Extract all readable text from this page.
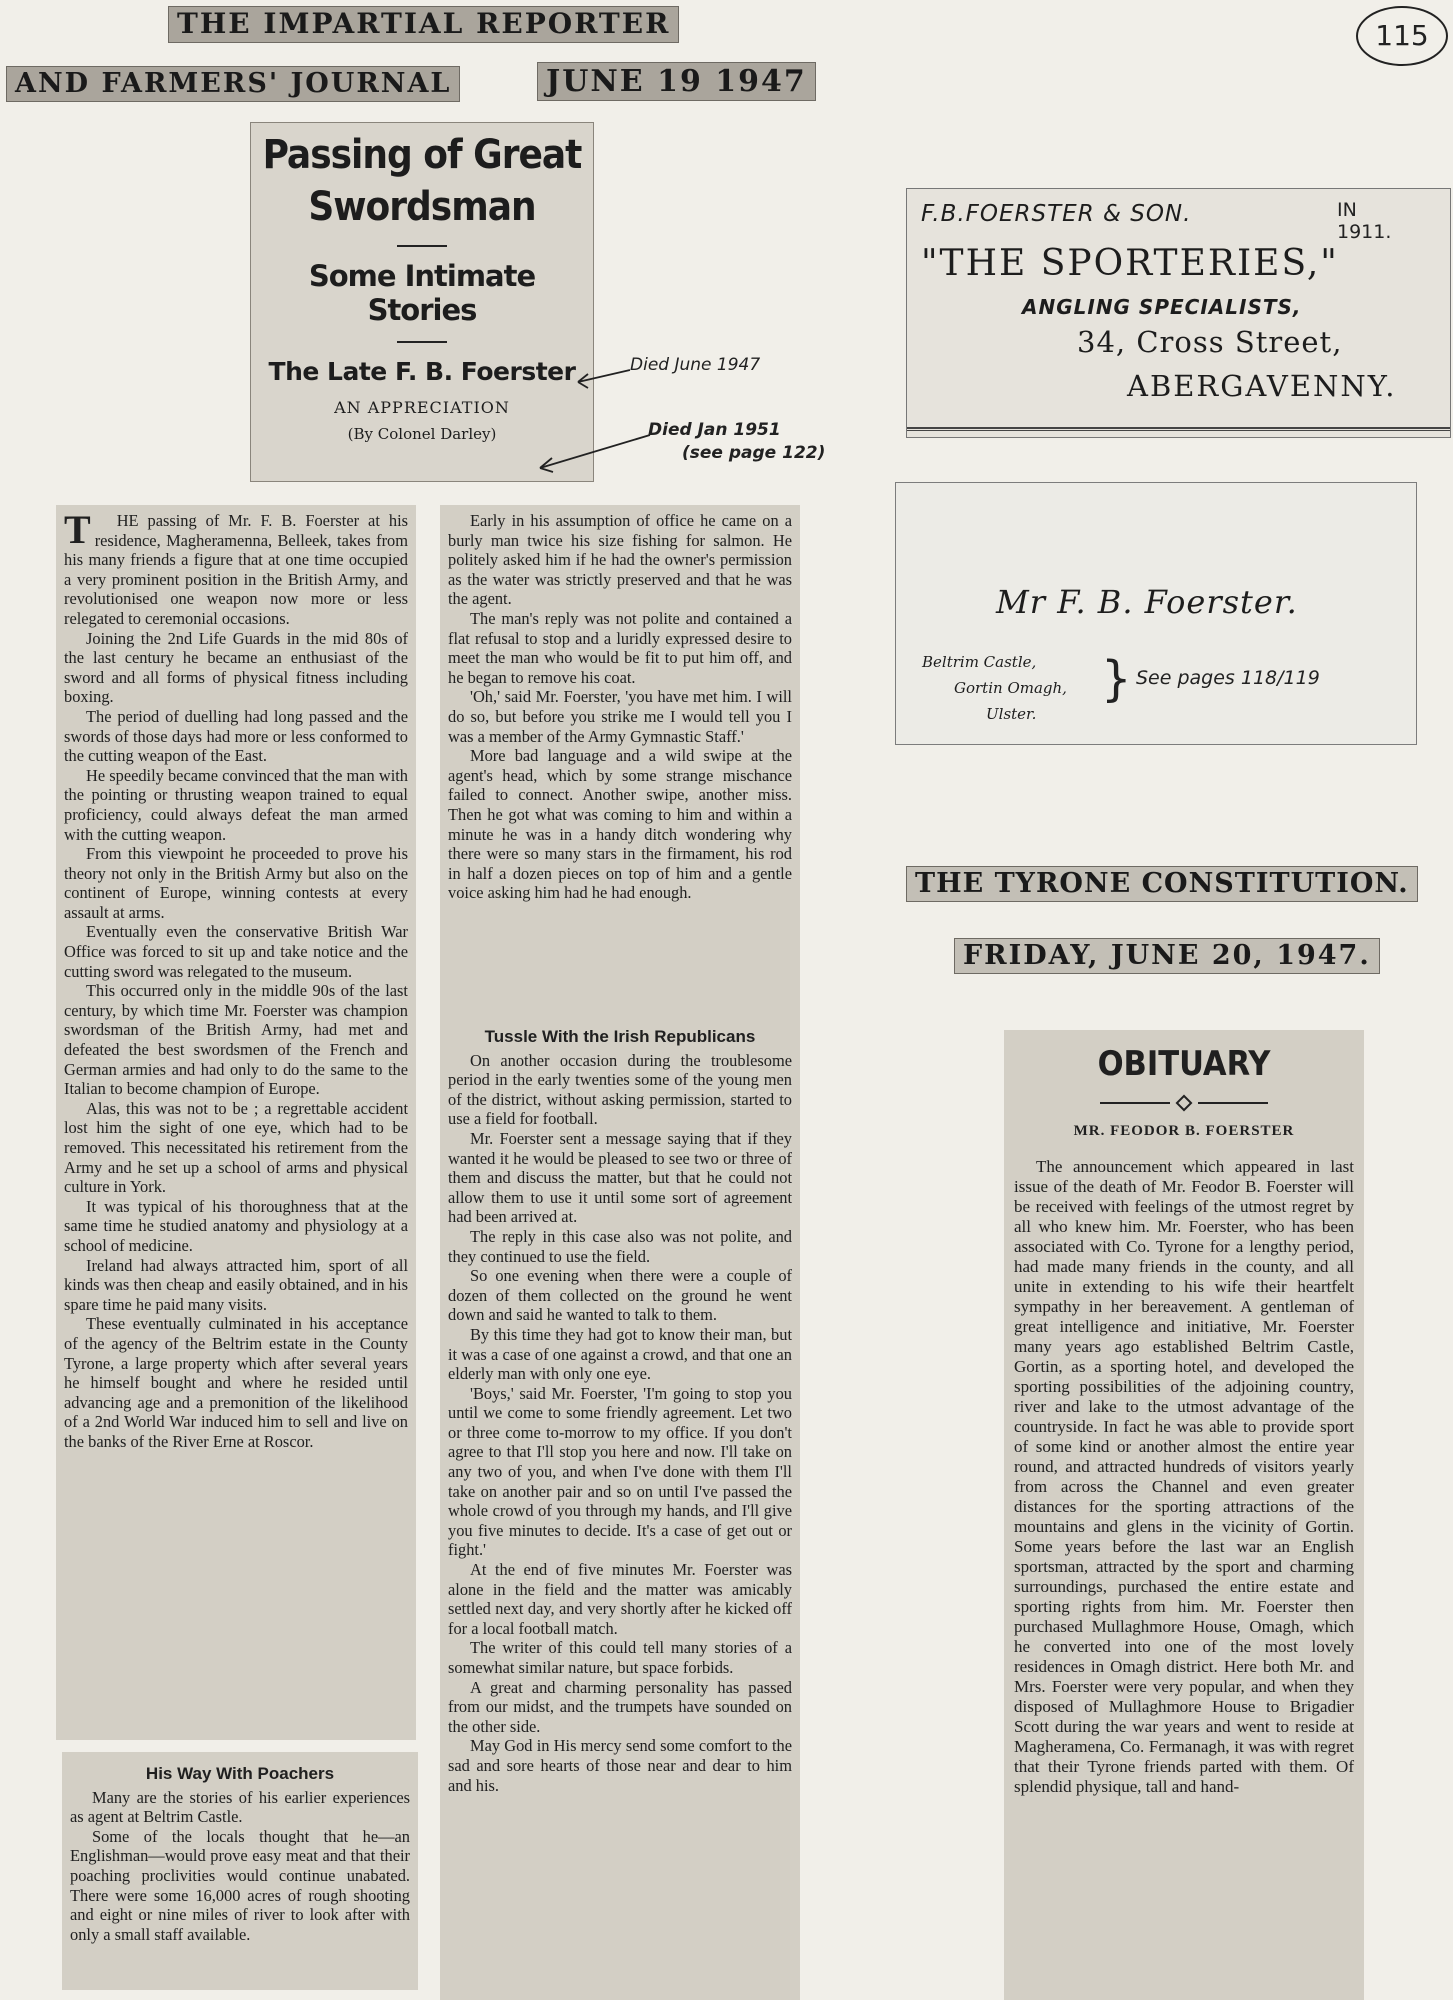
THE IMPARTIAL REPORTER
AND FARMERS' JOURNAL	JUNE 19 1947
115
Passing of Great Swordsman
Some Intimate Stories
The Late F. B. Foerster
AN APPRECIATION
(By Colonel Darley)
Died June 1947
Died Jan 1951
(see page 122)

THE passing of Mr. F. B. Foerster at his residence, Magheramenna, Belleek, takes from his many friends a figure that at one time occupied a very prominent position in the British Army, and revolutionised one weapon now more or less relegated to ceremonial occasions.

Joining the 2nd Life Guards in the mid 80s of the last century he became an enthusiast of the sword and all forms of physical fitness including boxing.

The period of duelling had long passed and the swords of those days had more or less conformed to the cutting weapon of the East.

He speedily became convinced that the man with the pointing or thrusting weapon trained to equal proficiency, could always defeat the man armed with the cutting weapon.

From this viewpoint he proceeded to prove his theory not only in the British Army but also on the continent of Europe, winning contests at every assault at arms.

Eventually even the conservative British War Office was forced to sit up and take notice and the cutting sword was relegated to the museum.

This occurred only in the middle 90s of the last century, by which time Mr. Foerster was champion swordsman of the British Army, had met and defeated the best swordsmen of the French and German armies and had only to do the same to the Italian to become champion of Europe.

Alas, this was not to be ; a regrettable accident lost him the sight of one eye, which had to be removed. This necessitated his retirement from the Army and he set up a school of arms and physical culture in York.

It was typical of his thoroughness that at the same time he studied anatomy and physiology at a school of medicine.

Ireland had always attracted him, sport of all kinds was then cheap and easily obtained, and in his spare time he paid many visits.

These eventually culminated in his acceptance of the agency of the Beltrim estate in the County Tyrone, a large property which after several years he himself bought and where he resided until advancing age and a premonition of the likelihood of a 2nd World War induced him to sell and live on the banks of the River Erne at Roscor.

His Way With Poachers

Many are the stories of his earlier experiences as agent at Beltrim Castle.

Some of the locals thought that he—an Englishman—would prove easy meat and that their poaching proclivities would continue unabated. There were some 16,000 acres of rough shooting and eight or nine miles of river to look after with only a small staff available.

Early in his assumption of office he came on a burly man twice his size fishing for salmon. He politely asked him if he had the owner's permission as the water was strictly preserved and that he was the agent.

The man's reply was not polite and contained a flat refusal to stop and a luridly expressed desire to meet the man who would be fit to put him off, and he began to remove his coat.

'Oh,' said Mr. Foerster, 'you have met him. I will do so, but before you strike me I would tell you I was a member of the Army Gymnastic Staff.'

More bad language and a wild swipe at the agent's head, which by some strange mischance failed to connect. Another swipe, another miss. Then he got what was coming to him and within a minute he was in a handy ditch wondering why there were so many stars in the firmament, his rod in half a dozen pieces on top of him and a gentle voice asking him had he had enough.

Tussle With the Irish Republicans

On another occasion during the troublesome period in the early twenties some of the young men of the district, without asking permission, started to use a field for football.

Mr. Foerster sent a message saying that if they wanted it he would be pleased to see two or three of them and discuss the matter, but that he could not allow them to use it until some sort of agreement had been arrived at.

The reply in this case also was not polite, and they continued to use the field.

So one evening when there were a couple of dozen of them collected on the ground he went down and said he wanted to talk to them.

By this time they had got to know their man, but it was a case of one against a crowd, and that one an elderly man with only one eye.

'Boys,' said Mr. Foerster, 'I'm going to stop you until we come to some friendly agreement. Let two or three come to-morrow to my office. If you don't agree to that I'll stop you here and now. I'll take on any two of you, and when I've done with them I'll take on another pair and so on until I've passed the whole crowd of you through my hands, and I'll give you five minutes to decide. It's a case of get out or fight.'

At the end of five minutes Mr. Foerster was alone in the field and the matter was amicably settled next day, and very shortly after he kicked off for a local football match.

The writer of this could tell many stories of a somewhat similar nature, but space forbids.

A great and charming personality has passed from our midst, and the trumpets have sounded on the other side.

May God in His mercy send some comfort to the sad and sore hearts of those near and dear to him and his.

F.B.FOERSTER & SON.	IN 1911.
"THE SPORTERIES,"
ANGLING SPECIALISTS,
34, Cross Street,
ABERGAVENNY.
Mr F. B. Foerster.
Beltrim Castle,
Gortin Omagh,
Ulster.
} See pages 118/119
THE TYRONE CONSTITUTION.
FRIDAY, JUNE 20, 1947.
OBITUARY

MR. FEODOR B. FOERSTER

The announcement which appeared in last issue of the death of Mr. Feodor B. Foerster will be received with feelings of the utmost regret by all who knew him. Mr. Foerster, who has been associated with Co. Tyrone for a lengthy period, had made many friends in the county, and all unite in extending to his wife their heartfelt sympathy in her bereavement. A gentleman of great intelligence and initiative, Mr. Foerster many years ago established Beltrim Castle, Gortin, as a sporting hotel, and developed the sporting possibilities of the adjoining country, river and lake to the utmost advantage of the countryside. In fact he was able to provide sport of some kind or another almost the entire year round, and attracted hundreds of visitors yearly from across the Channel and even greater distances for the sporting attractions of the mountains and glens in the vicinity of Gortin. Some years before the last war an English sportsman, attracted by the sport and charming surroundings, purchased the entire estate and sporting rights from him. Mr. Foerster then purchased Mullaghmore House, Omagh, which he converted into one of the most lovely residences in Omagh district. Here both Mr. and Mrs. Foerster were very popular, and when they disposed of Mullaghmore House to Brigadier Scott during the war years and went to reside at Magheramena, Co. Fermanagh, it was with regret that their Tyrone friends parted with them. Of splendid physique, tall and hand-
